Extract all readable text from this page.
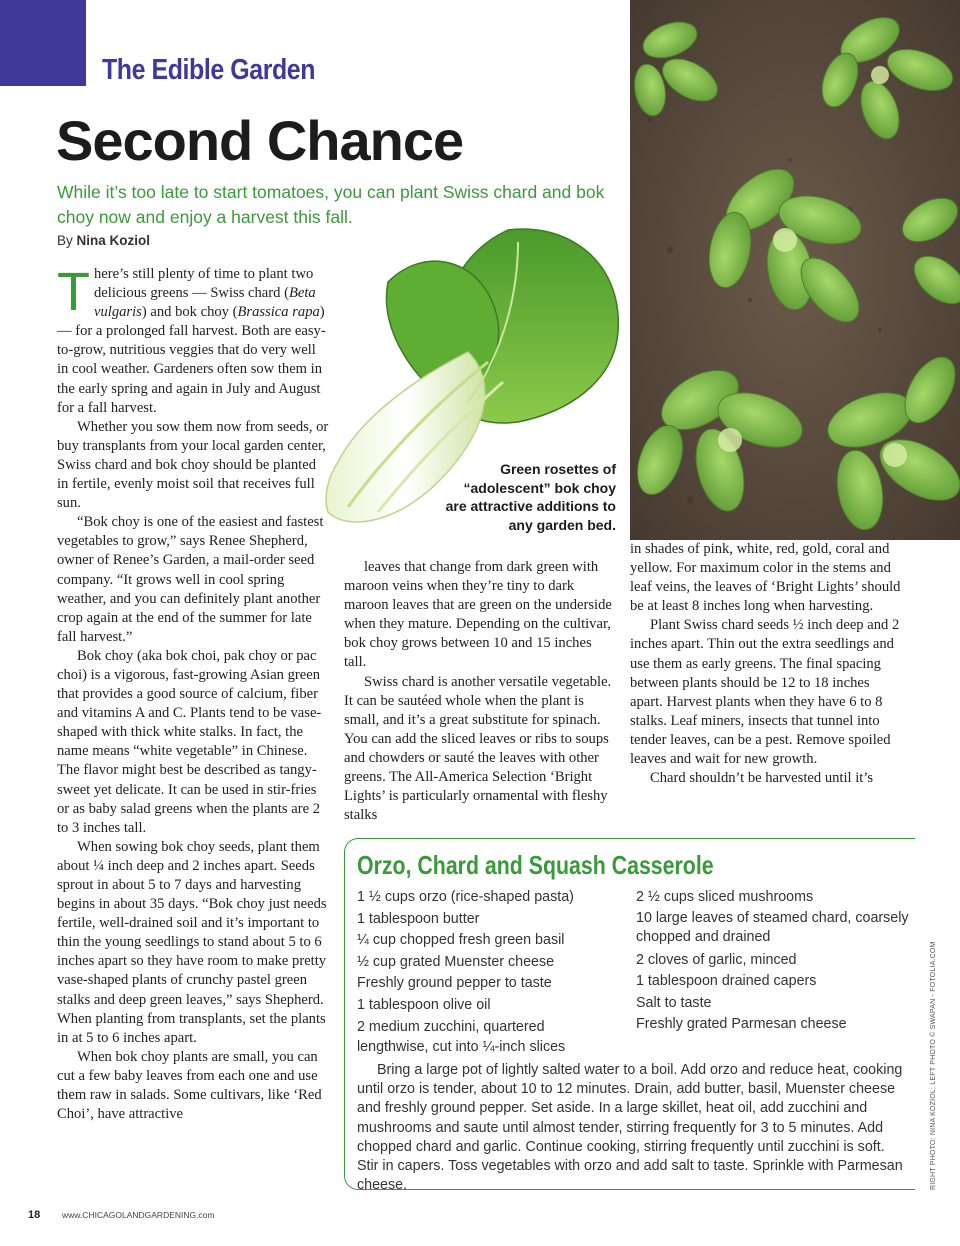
The Edible Garden
Second Chance
While it’s too late to start tomatoes, you can plant Swiss chard and bok choy now and enjoy a harvest this fall.
By Nina Koziol
Green rosettes of “adolescent” bok choy are attractive additions to any garden bed.

There’s still plenty of time to plant two delicious greens — Swiss chard (Beta vulgaris) and bok choy (Brassica rapa) — for a prolonged fall harvest. Both are easy-to-grow, nutritious veggies that do very well in cool weather. Gardeners often sow them in the early spring and again in July and August for a fall harvest.

Whether you sow them now from seeds, or buy transplants from your local garden center, Swiss chard and bok choy should be planted in fertile, evenly moist soil that receives full sun.

“Bok choy is one of the easiest and fastest vegetables to grow,” says Renee Shepherd, owner of Renee’s Garden, a mail-order seed company. “It grows well in cool spring weather, and you can definitely plant another crop again at the end of the summer for late fall harvest.”

Bok choy (aka bok choi, pak choy or pac choi) is a vigorous, fast-growing Asian green that provides a good source of calcium, fiber and vitamins A and C. Plants tend to be vase-shaped with thick white stalks. In fact, the name means “white vegetable” in Chinese. The flavor might best be described as tangy-sweet yet delicate. It can be used in stir-fries or as baby salad greens when the plants are 2 to 3 inches tall.

When sowing bok choy seeds, plant them about ¼ inch deep and 2 inches apart. Seeds sprout in about 5 to 7 days and harvesting begins in about 35 days. “Bok choy just needs fertile, well-drained soil and it’s important to thin the young seedlings to stand about 5 to 6 inches apart so they have room to make pretty vase-shaped plants of crunchy pastel green stalks and deep green leaves,” says Shepherd. When planting from transplants, set the plants in at 5 to 6 inches apart.

When bok choy plants are small, you can cut a few baby leaves from each one and use them raw in salads. Some cultivars, like ‘Red Choi’, have attractive

leaves that change from dark green with maroon veins when they’re tiny to dark maroon leaves that are green on the underside when they mature. Depending on the cultivar, bok choy grows between 10 and 15 inches tall.

Swiss chard is another versatile vegetable. It can be sautéed whole when the plant is small, and it’s a great substitute for spinach. You can add the sliced leaves or ribs to soups and chowders or sauté the leaves with other greens. The All-America Selection ‘Bright Lights’ is particularly ornamental with fleshy stalks

in shades of pink, white, red, gold, coral and yellow. For maximum color in the stems and leaf veins, the leaves of ‘Bright Lights’ should be at least 8 inches long when harvesting.

Plant Swiss chard seeds ½ inch deep and 2 inches apart. Thin out the extra seedlings and use them as early greens. The final spacing between plants should be 12 to 18 inches apart. Harvest plants when they have 6 to 8 stalks. Leaf miners, insects that tunnel into tender leaves, can be a pest. Remove spoiled leaves and wait for new growth.

Chard shouldn’t be harvested until it’s

Orzo, Chard and Squash Casserole
1 ½ cups orzo (rice-shaped pasta)
1 tablespoon butter
¼ cup chopped fresh green basil
½ cup grated Muenster cheese
Freshly ground pepper to taste
1 tablespoon olive oil
2 medium zucchini, quartered lengthwise, cut into ¼-inch slices
2 ½ cups sliced mushrooms
10 large leaves of steamed chard, coarsely chopped and drained
2 cloves of garlic, minced
1 tablespoon drained capers
Salt to taste
Freshly grated Parmesan cheese
Bring a large pot of lightly salted water to a boil. Add orzo and reduce heat, cooking until orzo is tender, about 10 to 12 minutes. Drain, add butter, basil, Muenster cheese and freshly ground pepper. Set aside. In a large skillet, heat oil, add zucchini and mushrooms and saute until almost tender, stirring frequently for 3 to 5 minutes. Add chopped chard and garlic. Continue cooking, stirring frequently until zucchini is soft. Stir in capers. Toss vegetables with orzo and add salt to taste. Sprinkle with Parmesan cheese.	RIGHT PHOTO: NINA KOZIOL; LEFT PHOTO © SWAPAN - FOTOLIA.COM
18	www.CHICAGOLANDGARDENING.com
